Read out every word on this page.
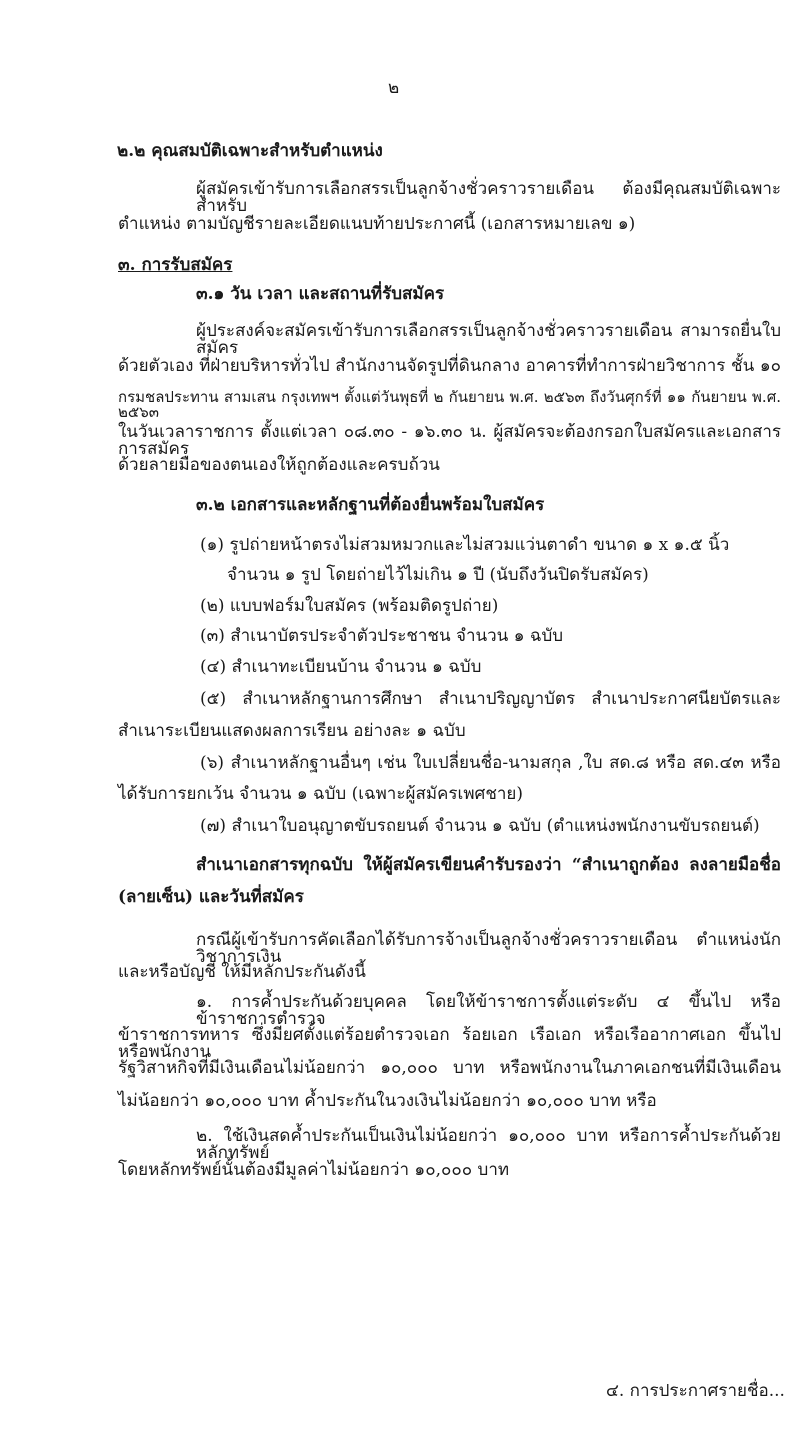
๒
๒.๒ คุณสมบัติเฉพาะสำหรับตำแหน่ง
ผู้สมัครเข้ารับการเลือกสรรเป็นลูกจ้างชั่วคราวรายเดือน ต้องมีคุณสมบัติเฉพาะสำหรับ
ตำแหน่ง ตามบัญชีรายละเอียดแนบท้ายประกาศนี้ (เอกสารหมายเลข ๑)
๓. การรับสมัคร
๓.๑ วัน เวลา และสถานที่รับสมัคร
ผู้ประสงค์จะสมัครเข้ารับการเลือกสรรเป็นลูกจ้างชั่วคราวรายเดือน สามารถยื่นใบสมัคร
ด้วยตัวเอง ที่ฝ่ายบริหารทั่วไป สำนักงานจัดรูปที่ดินกลาง อาคารที่ทำการฝ่ายวิชาการ ชั้น ๑๐
กรมชลประทาน สามเสน กรุงเทพฯ ตั้งแต่วันพุธที่ ๒ กันยายน พ.ศ. ๒๕๖๓ ถึงวันศุกร์ที่ ๑๑ กันยายน พ.ศ. ๒๕๖๓
ในวันเวลาราชการ ตั้งแต่เวลา ๐๘.๓๐ - ๑๖.๓๐ น. ผู้สมัครจะต้องกรอกใบสมัครและเอกสารการสมัคร
ด้วยลายมือของตนเองให้ถูกต้องและครบถ้วน
๓.๒ เอกสารและหลักฐานที่ต้องยื่นพร้อมใบสมัคร
(๑) รูปถ่ายหน้าตรงไม่สวมหมวกและไม่สวมแว่นตาดำ ขนาด ๑ x ๑.๕ นิ้ว
จำนวน ๑ รูป โดยถ่ายไว้ไม่เกิน ๑ ปี (นับถึงวันปิดรับสมัคร)
(๒) แบบฟอร์มใบสมัคร (พร้อมติดรูปถ่าย)
(๓) สำเนาบัตรประจำตัวประชาชน จำนวน ๑ ฉบับ
(๔) สำเนาทะเบียนบ้าน จำนวน ๑ ฉบับ
(๕) สำเนาหลักฐานการศึกษา สำเนาปริญญาบัตร สำเนาประกาศนียบัตรและ
สำเนาระเบียนแสดงผลการเรียน อย่างละ ๑ ฉบับ
(๖) สำเนาหลักฐานอื่นๆ เช่น ใบเปลี่ยนชื่อ-นามสกุล ,ใบ สด.๘ หรือ สด.๔๓ หรือ
ได้รับการยกเว้น จำนวน ๑ ฉบับ (เฉพาะผู้สมัครเพศชาย)
(๗) สำเนาใบอนุญาตขับรถยนต์ จำนวน ๑ ฉบับ (ตำแหน่งพนักงานขับรถยนต์)
สำเนาเอกสารทุกฉบับ ให้ผู้สมัครเขียนคำรับรองว่า “สำเนาถูกต้อง ลงลายมือชื่อ
(ลายเซ็น) และวันที่สมัคร
กรณีผู้เข้ารับการคัดเลือกได้รับการจ้างเป็นลูกจ้างชั่วคราวรายเดือน ตำแหน่งนักวิชาการเงิน
และหรือบัญชี ให้มีหลักประกันดังนี้
๑. การค้ำประกันด้วยบุคคล โดยให้ข้าราชการตั้งแต่ระดับ ๔ ขึ้นไป หรือข้าราชการตำรวจ
ข้าราชการทหาร ซึ่งมียศตั้งแต่ร้อยตำรวจเอก ร้อยเอก เรือเอก หรือเรืออากาศเอก ขึ้นไป หรือพนักงาน
รัฐวิสาหกิจที่มีเงินเดือนไม่น้อยกว่า ๑๐,๐๐๐ บาท หรือพนักงานในภาคเอกชนที่มีเงินเดือน
ไม่น้อยกว่า ๑๐,๐๐๐ บาท ค้ำประกันในวงเงินไม่น้อยกว่า ๑๐,๐๐๐ บาท หรือ
๒. ใช้เงินสดค้ำประกันเป็นเงินไม่น้อยกว่า ๑๐,๐๐๐ บาท หรือการค้ำประกันด้วยหลักทรัพย์
โดยหลักทรัพย์นั้นต้องมีมูลค่าไม่น้อยกว่า ๑๐,๐๐๐ บาท
๔. การประกาศรายชื่อ...
